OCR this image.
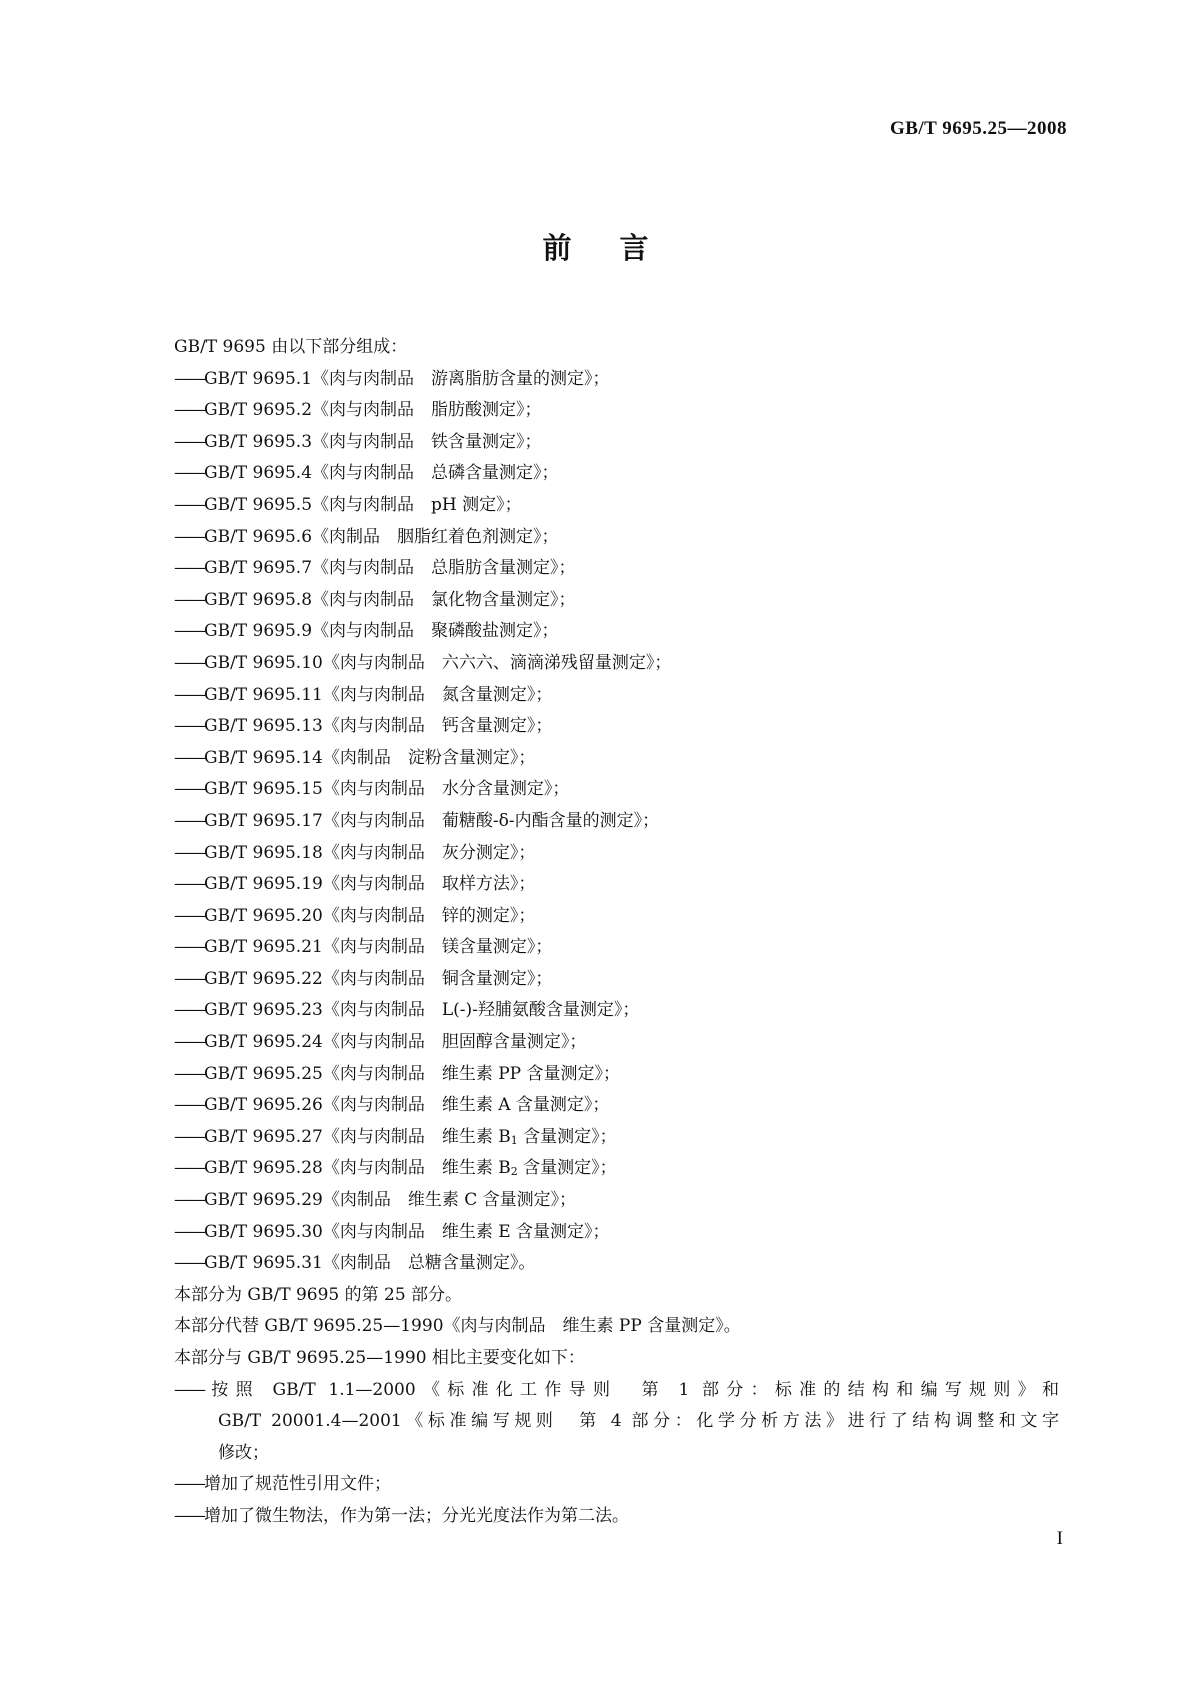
GB/T 9695.25—2008
前言
GB/T 9695 由以下部分组成：
——GB/T 9695.1《肉与肉制品　游离脂肪含量的测定》；
——GB/T 9695.2《肉与肉制品　脂肪酸测定》；
——GB/T 9695.3《肉与肉制品　铁含量测定》；
——GB/T 9695.4《肉与肉制品　总磷含量测定》；
——GB/T 9695.5《肉与肉制品　pH 测定》；
——GB/T 9695.6《肉制品　胭脂红着色剂测定》；
——GB/T 9695.7《肉与肉制品　总脂肪含量测定》；
——GB/T 9695.8《肉与肉制品　氯化物含量测定》；
——GB/T 9695.9《肉与肉制品　聚磷酸盐测定》；
——GB/T 9695.10《肉与肉制品　六六六、滴滴涕残留量测定》；
——GB/T 9695.11《肉与肉制品　氮含量测定》；
——GB/T 9695.13《肉与肉制品　钙含量测定》；
——GB/T 9695.14《肉制品　淀粉含量测定》；
——GB/T 9695.15《肉与肉制品　水分含量测定》；
——GB/T 9695.17《肉与肉制品　葡糖酸-δ-内酯含量的测定》；
——GB/T 9695.18《肉与肉制品　灰分测定》；
——GB/T 9695.19《肉与肉制品　取样方法》；
——GB/T 9695.20《肉与肉制品　锌的测定》；
——GB/T 9695.21《肉与肉制品　镁含量测定》；
——GB/T 9695.22《肉与肉制品　铜含量测定》；
——GB/T 9695.23《肉与肉制品　L(-)-羟脯氨酸含量测定》；
——GB/T 9695.24《肉与肉制品　胆固醇含量测定》；
——GB/T 9695.25《肉与肉制品　维生素 PP 含量测定》；
——GB/T 9695.26《肉与肉制品　维生素 A 含量测定》；
——GB/T 9695.27《肉与肉制品　维生素 $B_1$ 含量测定》；
——GB/T 9695.28《肉与肉制品　维生素 $B_2$ 含量测定》；
——GB/T 9695.29《肉制品　维生素 C 含量测定》；
——GB/T 9695.30《肉与肉制品　维生素 E 含量测定》；
——GB/T 9695.31《肉制品　总糖含量测定》。
本部分为 GB/T 9695 的第 25 部分。
本部分代替 GB/T 9695.25—1990《肉与肉制品　维生素 PP 含量测定》。
本部分与 GB/T 9695.25—1990 相比主要变化如下：
——按照 GB/T 1.1—2000《标准化工作导则　第 1 部分：标准的结构和编写规则》和
GB/T 20001.4—2001《标准编写规则　第 4 部分：化学分析方法》进行了结构调整和文字
修改；
——增加了规范性引用文件；
——增加了微生物法，作为第一法；分光光度法作为第二法。
I
